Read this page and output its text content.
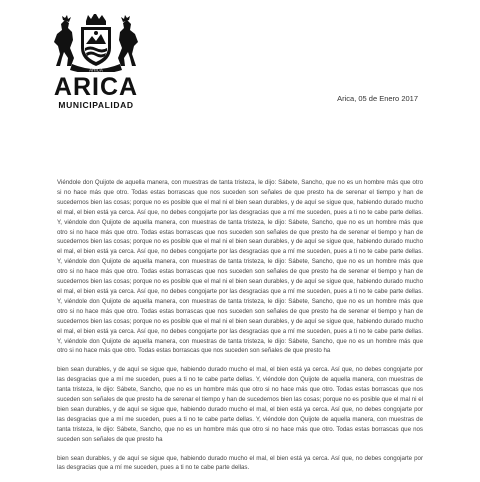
ARICA
ARICA
MUNICIPALIDAD
Arica, 05 de Enero 2017

Viéndole don Quijote de aquella manera, con muestras de tanta tristeza, le dijo: Sábete, Sancho, que no es un hombre más que otro si no hace más que otro. Todas estas borrascas que nos suceden son señales de que presto ha de serenar el tiempo y han de sucedernos bien las cosas; porque no es posible que el mal ni el bien sean durables, y de aquí se sigue que, habiendo durado mucho el mal, el bien está ya cerca. Así que, no debes congojarte por las desgracias que a mí me suceden, pues a ti no te cabe parte dellas. Y, viéndole don Quijote de aquella manera, con muestras de tanta tristeza, le dijo: Sábete, Sancho, que no es un hombre más que otro si no hace más que otro. Todas estas borrascas que nos suceden son señales de que presto ha de serenar el tiempo y han de sucedernos bien las cosas; porque no es posible que el mal ni el bien sean durables, y de aquí se sigue que, habiendo durado mucho el mal, el bien está ya cerca. Así que, no debes congojarte por las desgracias que a mí me suceden, pues a ti no te cabe parte dellas. Y, viéndole don Quijote de aquella manera, con muestras de tanta tristeza, le dijo: Sábete, Sancho, que no es un hombre más que otro si no hace más que otro. Todas estas borrascas que nos suceden son señales de que presto ha de serenar el tiempo y han de sucedernos bien las cosas; porque no es posible que el mal ni el bien sean durables, y de aquí se sigue que, habiendo durado mucho el mal, el bien está ya cerca. Así que, no debes congojarte por las desgracias que a mí me suceden, pues a ti no te cabe parte dellas. Y, viéndole don Quijote de aquella manera, con muestras de tanta tristeza, le dijo: Sábete, Sancho, que no es un hombre más que otro si no hace más que otro. Todas estas borrascas que nos suceden son señales de que presto ha de serenar el tiempo y han de sucedernos bien las cosas; porque no es posible que el mal ni el bien sean durables, y de aquí se sigue que, habiendo durado mucho el mal, el bien está ya cerca. Así que, no debes congojarte por las desgracias que a mí me suceden, pues a ti no te cabe parte dellas. Y, viéndole don Quijote de aquella manera, con muestras de tanta tristeza, le dijo: Sábete, Sancho, que no es un hombre más que otro si no hace más que otro. Todas estas borrascas que nos suceden son señales de que presto ha

bien sean durables, y de aquí se sigue que, habiendo durado mucho el mal, el bien está ya cerca. Así que, no debes congojarte por las desgracias que a mí me suceden, pues a ti no te cabe parte dellas. Y, viéndole don Quijote de aquella manera, con muestras de tanta tristeza, le dijo: Sábete, Sancho, que no es un hombre más que otro si no hace más que otro. Todas estas borrascas que nos suceden son señales de que presto ha de serenar el tiempo y han de sucedernos bien las cosas; porque no es posible que el mal ni el bien sean durables, y de aquí se sigue que, habiendo durado mucho el mal, el bien está ya cerca. Así que, no debes congojarte por las desgracias que a mí me suceden, pues a ti no te cabe parte dellas. Y, viéndole don Quijote de aquella manera, con muestras de tanta tristeza, le dijo: Sábete, Sancho, que no es un hombre más que otro si no hace más que otro. Todas estas borrascas que nos suceden son señales de que presto ha

bien sean durables, y de aquí se sigue que, habiendo durado mucho el mal, el bien está ya cerca. Así que, no debes congojarte por las desgracias que a mí me suceden, pues a ti no te cabe parte dellas.
